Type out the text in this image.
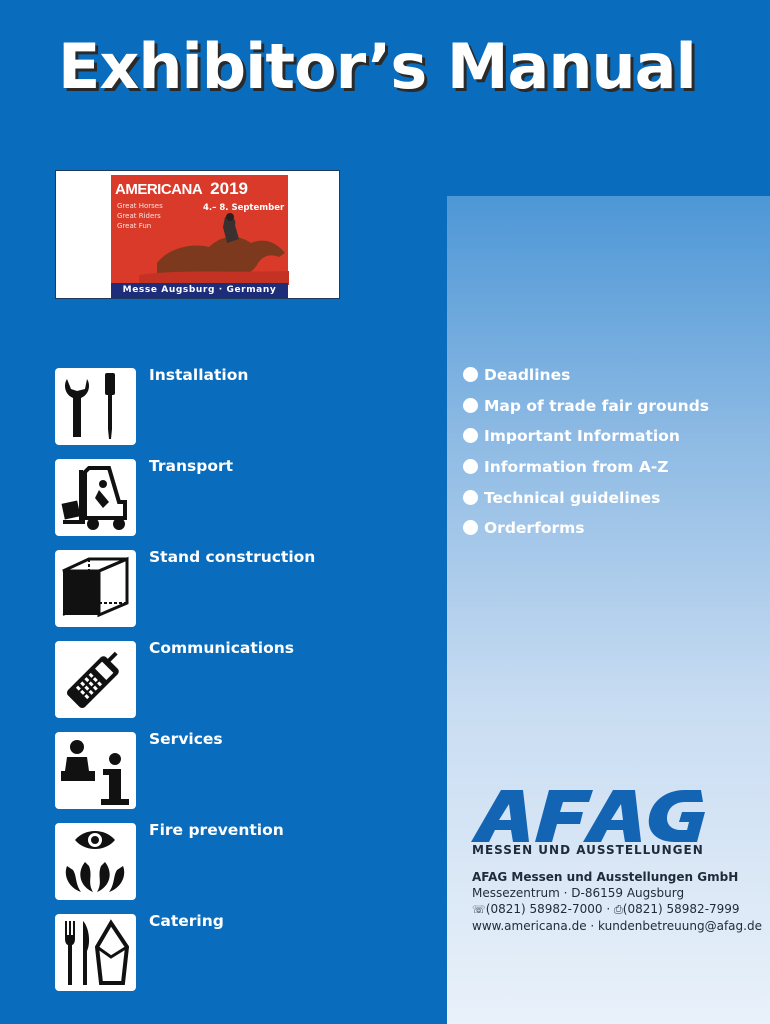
Exhibitor’s Manual
AMERICANA 2019
Great Horses
Great Riders
Great Fun
4.– 8. September
Messe Augsburg · Germany
Installation
Transport
Stand construction
Communications
Services
Fire prevention
Catering
Deadlines
Map of trade fair grounds
Important Information
Information from A-Z
Technical guidelines
Orderforms
MESSEN UND AUSSTELLUNGEN
AFAG Messen und Ausstellungen GmbH
Messezentrum · D-86159 Augsburg
☏(0821) 58982-7000 · ⎙(0821) 58982-7999
www.americana.de · kundenbetreuung@afag.de
